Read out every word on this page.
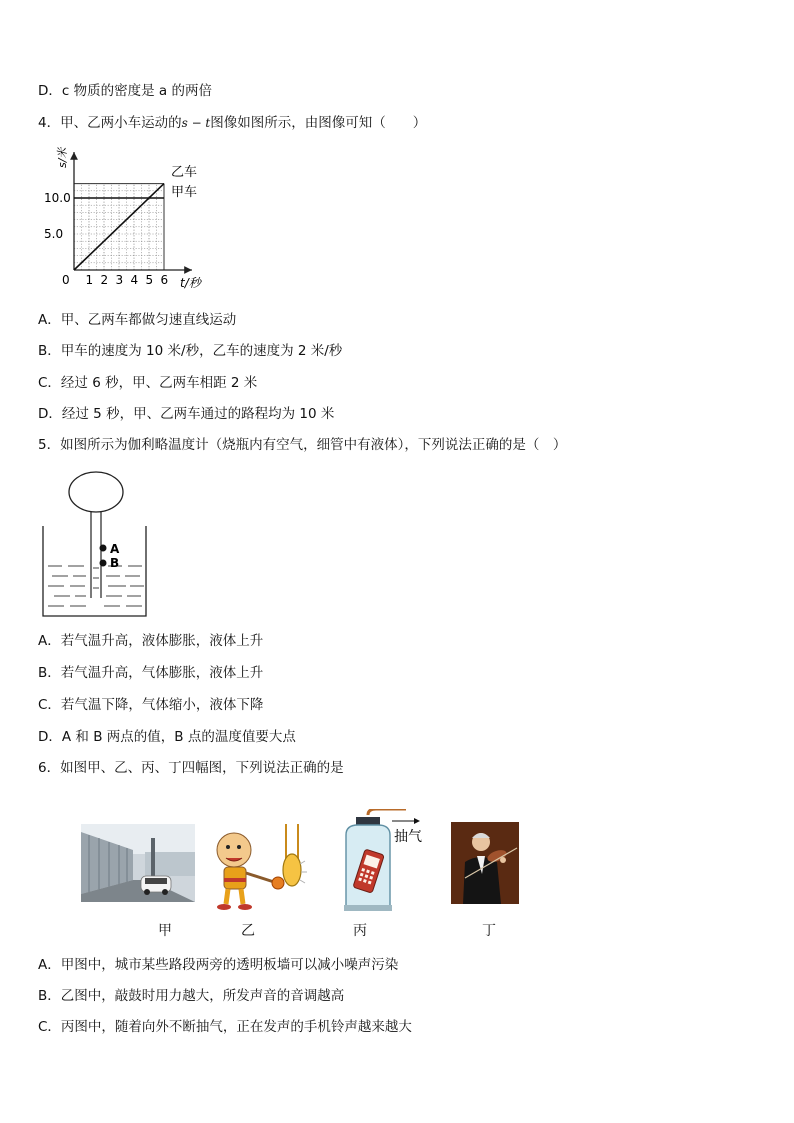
D．c 物质的密度是 a 的两倍
4．甲、乙两小车运动的s − t图像如图所示，由图像可知（　　）
1 2 3 4 5 6
5.0
10.0
s/米
t/秒
0
乙车
甲车
A．甲、乙两车都做匀速直线运动
B．甲车的速度为 10 米/秒，乙车的速度为 2 米/秒
C．经过 6 秒，甲、乙两车相距 2 米
D．经过 5 秒，甲、乙两车通过的路程均为 10 米
5．如图所示为伽利略温度计（烧瓶内有空气，细管中有液体），下列说法正确的是（　）
A
B
A．若气温升高，液体膨胀，液体上升
B．若气温升高，气体膨胀，液体上升
C．若气温下降，气体缩小，液体下降
D．A 和 B 两点的值，B 点的温度值要大点
6．如图甲、乙、丙、丁四幅图，下列说法正确的是
抽气
甲	乙	丙	丁
A．甲图中，城市某些路段两旁的透明板墙可以减小噪声污染
B．乙图中，敲鼓时用力越大，所发声音的音调越高
C．丙图中，随着向外不断抽气，正在发声的手机铃声越来越大
